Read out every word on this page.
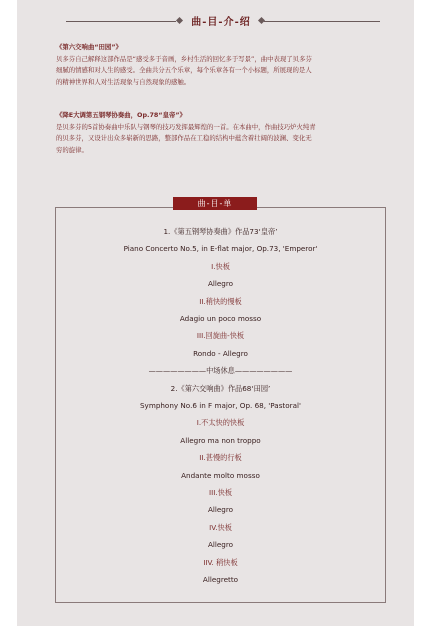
曲-目-介-绍
《第六交响曲“田园”》
贝多芬自己解释这部作品是“感受多于音画，乡村生活的回忆多于写景”，曲中表现了贝多芬
细腻的情感和对人生的感受。全曲共分五个乐章，每个乐章各有一个小标题，所展现的是人
的精神世界和人对生活现象与自然现象的感触。
《降E大调第五钢琴协奏曲，Op.78“皇帝”》
是贝多芬的5首协奏曲中乐队与钢琴的技巧发挥最辉煌的一首。在本曲中，作曲技巧炉火纯青
的贝多芬，又设计出众多崭新的思路，整部作品在工稳的结构中蕴含着壮阔的波澜、变化无
穷的旋律。
曲-目-单
1.《第五钢琴协奏曲》作品73‘皇帝’
Piano Concerto No.5, in E-flat major, Op.73, 'Emperor'
I.快板
Allegro
II.稍快的慢板
Adagio un poco mosso
III.回旋曲-快板
Rondo - Allegro
————————中场休息————————
2.《第六交响曲》作品68‘田园’
Symphony No.6 in F major, Op. 68, 'Pastoral'
I.不太快的快板
Allegro ma non troppo
II.甚慢的行板
Andante molto mosso
III.快板
Allegro
IV.快板
Allegro
IIV. 稍快板
Allegretto
